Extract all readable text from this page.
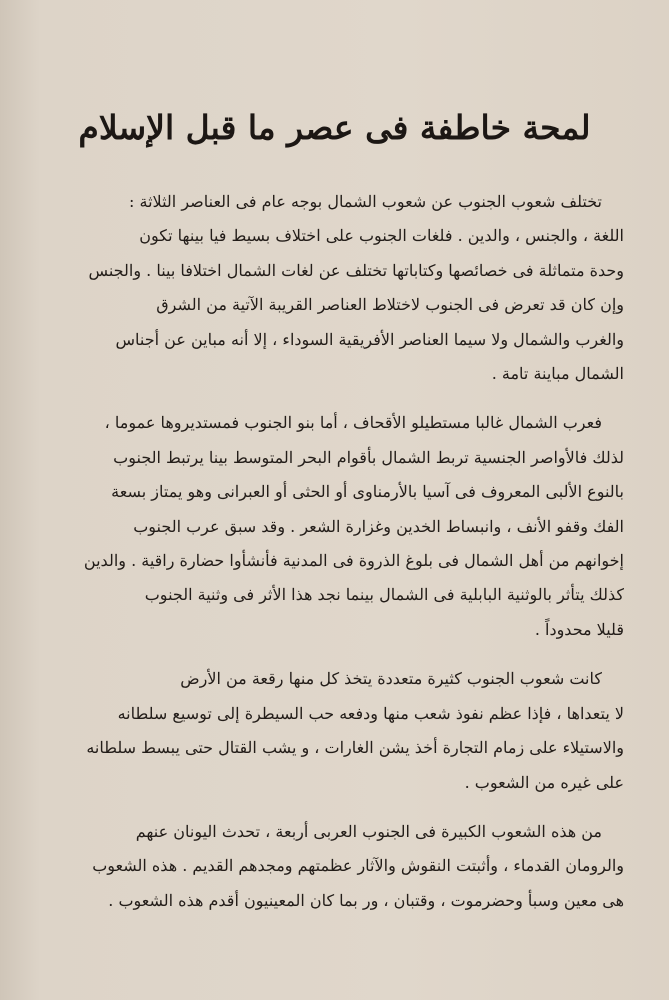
لمحة خاطفة فى عصر ما قبل الإسلام

تختلف شعوب الجنوب عن شعوب الشمال بوجه عام فى العناصر الثلاثة :
اللغة ، والجنس ، والدين . فلغات الجنوب على اختلاف بسيط فيا بينها تكون
وحدة متماثلة فى خصائصها وكتاباتها تختلف عن لغات الشمال اختلافا بينا . والجنس
وإن كان قد تعرض فى الجنوب لاختلاط العناصر القريبة الآتية من الشرق
والغرب والشمال ولا سيما العناصر الأفريقية السوداء ، إلا أنه مباين عن أجناس
الشمال مباينة تامة .

فعرب الشمال غالبا مستطيلو الأقحاف ، أما بنو الجنوب فمستديروها عموما ،
لذلك فالأواصر الجنسية تربط الشمال بأقوام البحر المتوسط بينا يرتبط الجنوب
بالنوع الألبى المعروف فى آسيا بالأرمناوى أو الحثى أو العبرانى وهو يمتاز بسعة
الفك وقفو الأنف ، وانبساط الخدين وغزارة الشعر . وقد سبق عرب الجنوب
إخوانهم من أهل الشمال فى بلوغ الذروة فى المدنية فأنشأوا حضارة راقية . والدين
كذلك يتأثر بالوثنية البابلية فى الشمال بينما نجد هذا الأثر فى وثنية الجنوب
قليلا محدوداً .

كانت شعوب الجنوب كثيرة متعددة يتخذ كل منها رقعة من الأرض
لا يتعداها ، فإذا عظم نفوذ شعب منها ودفعه حب السيطرة إلى توسيع سلطانه
والاستيلاء على زمام التجارة أخذ يشن الغارات ، و يشب القتال حتى يبسط سلطانه
على غيره من الشعوب .

من هذه الشعوب الكبيرة فى الجنوب العربى أربعة ، تحدث اليونان عنهم
والرومان القدماء ، وأثبتت النقوش والآثار عظمتهم ومجدهم القديم . هذه الشعوب
هى معين وسبأ وحضرموت ، وقتبان ، ور بما كان المعينيون أقدم هذه الشعوب .
